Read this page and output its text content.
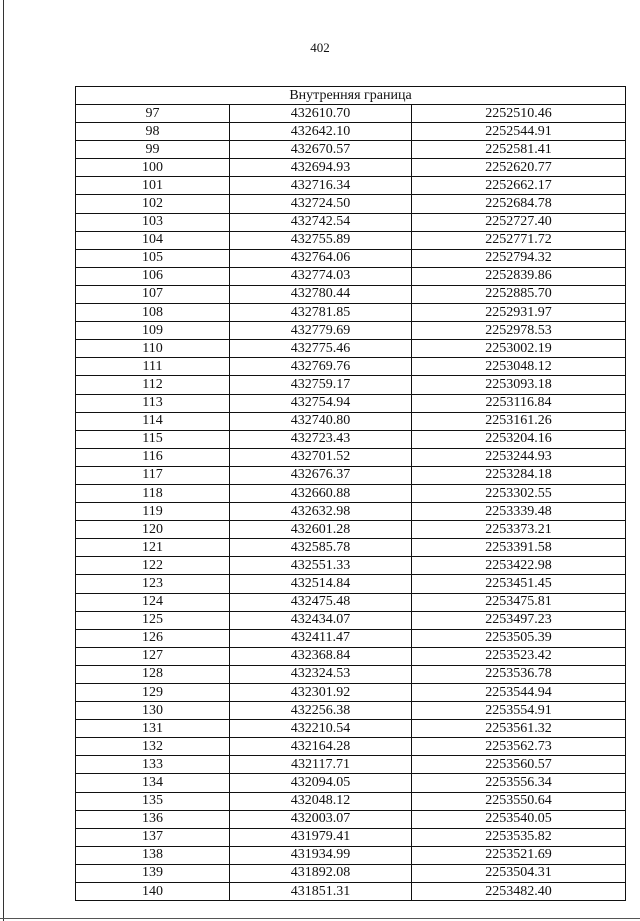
402
Внутренняя граница		
97	432610.70	2252510.46
98	432642.10	2252544.91
99	432670.57	2252581.41
100	432694.93	2252620.77
101	432716.34	2252662.17
102	432724.50	2252684.78
103	432742.54	2252727.40
104	432755.89	2252771.72
105	432764.06	2252794.32
106	432774.03	2252839.86
107	432780.44	2252885.70
108	432781.85	2252931.97
109	432779.69	2252978.53
110	432775.46	2253002.19
111	432769.76	2253048.12
112	432759.17	2253093.18
113	432754.94	2253116.84
114	432740.80	2253161.26
115	432723.43	2253204.16
116	432701.52	2253244.93
117	432676.37	2253284.18
118	432660.88	2253302.55
119	432632.98	2253339.48
120	432601.28	2253373.21
121	432585.78	2253391.58
122	432551.33	2253422.98
123	432514.84	2253451.45
124	432475.48	2253475.81
125	432434.07	2253497.23
126	432411.47	2253505.39
127	432368.84	2253523.42
128	432324.53	2253536.78
129	432301.92	2253544.94
130	432256.38	2253554.91
131	432210.54	2253561.32
132	432164.28	2253562.73
133	432117.71	2253560.57
134	432094.05	2253556.34
135	432048.12	2253550.64
136	432003.07	2253540.05
137	431979.41	2253535.82
138	431934.99	2253521.69
139	431892.08	2253504.31
140	431851.31	2253482.40
